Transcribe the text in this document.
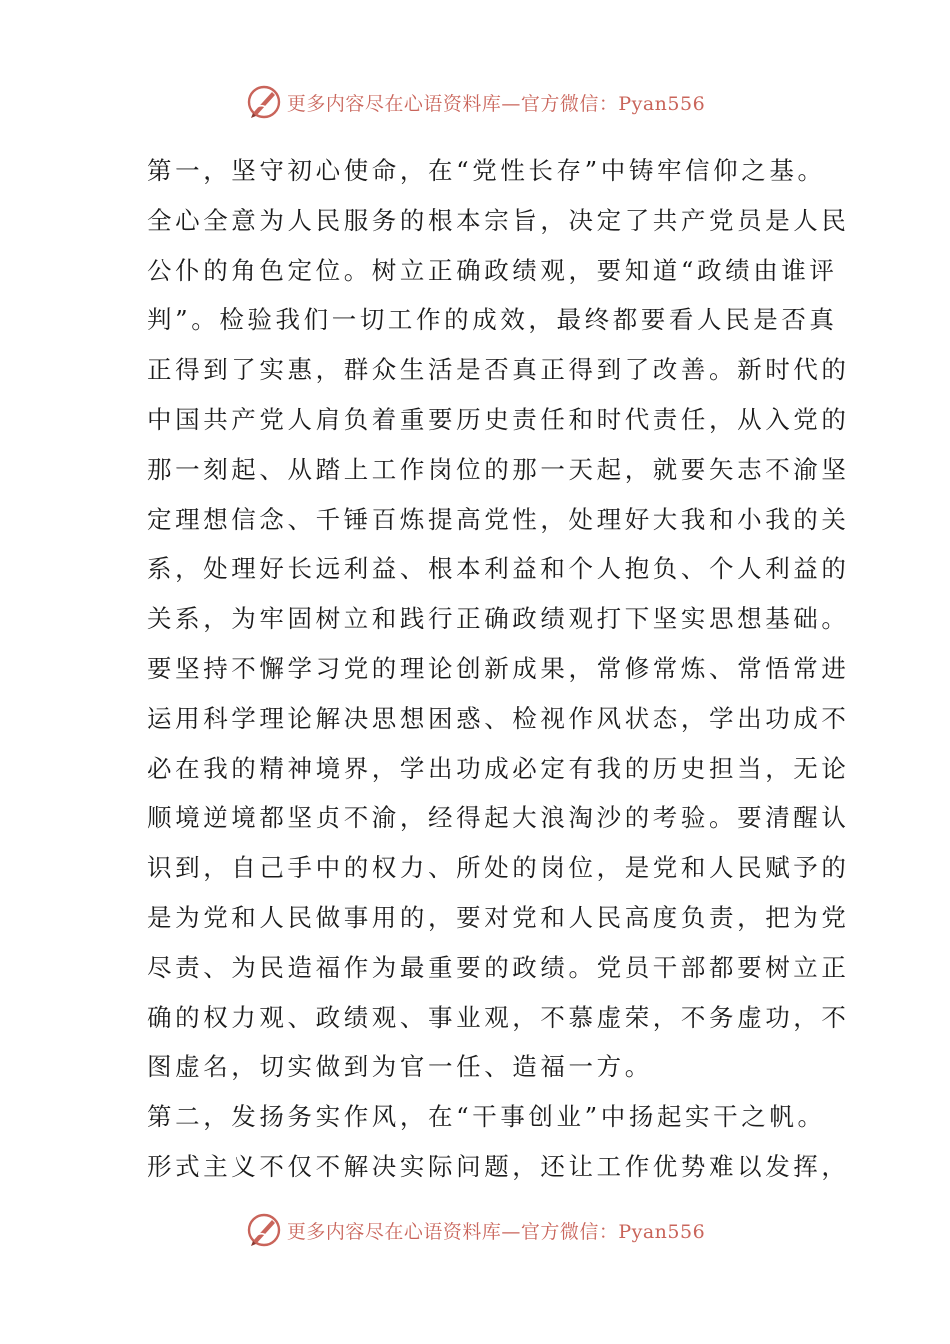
更多内容尽在心语资料库—官方微信：Pyan556
第一，坚守初心使命，在“党性长存”中铸牢信仰之基。
全心全意为人民服务的根本宗旨，决定了共产党员是人民
公仆的角色定位。树立正确政绩观，要知道“政绩由谁评
判”。检验我们一切工作的成效，最终都要看人民是否真
正得到了实惠，群众生活是否真正得到了改善。新时代的
中国共产党人肩负着重要历史责任和时代责任，从入党的
那一刻起、从踏上工作岗位的那一天起，就要矢志不渝坚
定理想信念、千锤百炼提高党性，处理好大我和小我的关
系，处理好长远利益、根本利益和个人抱负、个人利益的
关系，为牢固树立和践行正确政绩观打下坚实思想基础。
要坚持不懈学习党的理论创新成果，常修常炼、常悟常进
运用科学理论解决思想困惑、检视作风状态，学出功成不
必在我的精神境界，学出功成必定有我的历史担当，无论
顺境逆境都坚贞不渝，经得起大浪淘沙的考验。要清醒认
识到，自己手中的权力、所处的岗位，是党和人民赋予的
是为党和人民做事用的，要对党和人民高度负责，把为党
尽责、为民造福作为最重要的政绩。党员干部都要树立正
确的权力观、政绩观、事业观，不慕虚荣，不务虚功，不
图虚名，切实做到为官一任、造福一方。
第二，发扬务实作风，在“干事创业”中扬起实干之帆。
形式主义不仅不解决实际问题，还让工作优势难以发挥，
更多内容尽在心语资料库—官方微信：Pyan556
